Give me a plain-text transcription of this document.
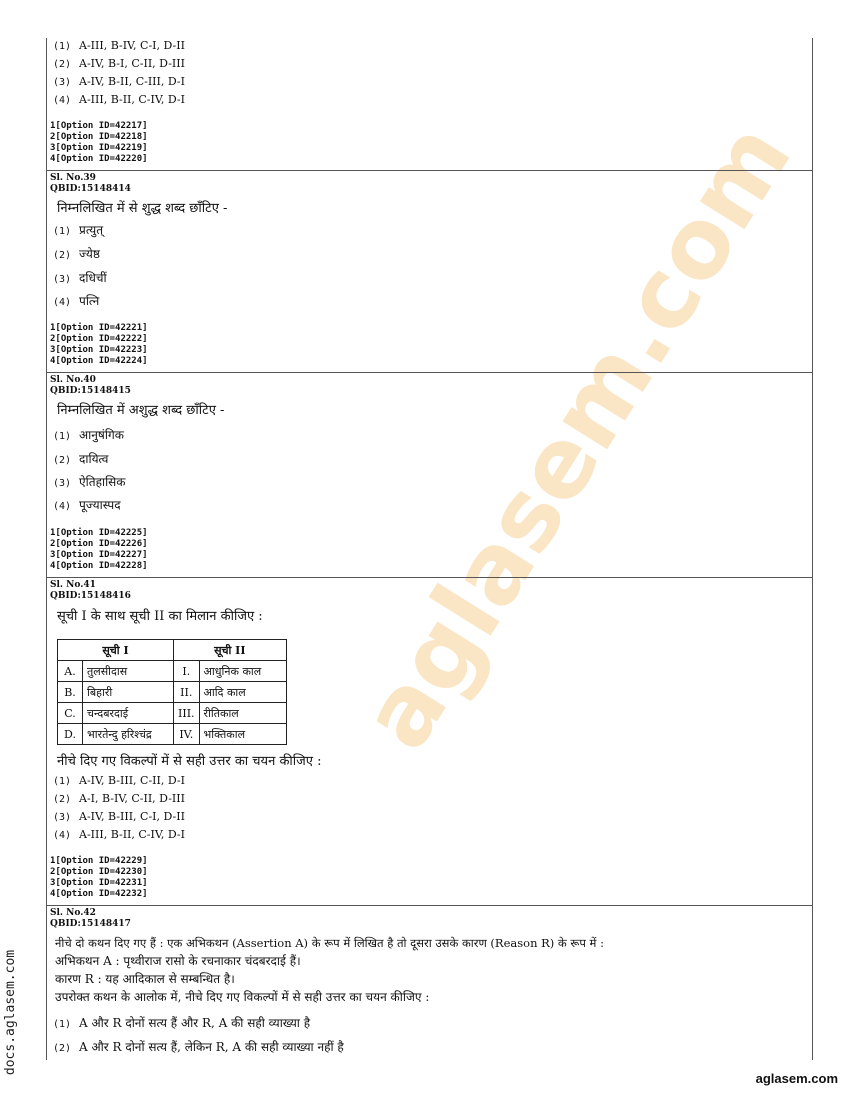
aglasem.com
(1) A-III, B-IV, C-I, D-II
(2) A-IV, B-I, C-II, D-III
(3) A-IV, B-II, C-III, D-I
(4) A-III, B-II, C-IV, D-I
1[Option ID=42217]
2[Option ID=42218]
3[Option ID=42219]
4[Option ID=42220]
Sl. No.39
QBID:15148414
निम्नलिखित में से शुद्ध शब्द छाँटिए -
(1) प्रत्युत्
(2) ज्येष्ठ
(3) दधिचीं
(4) पत्नि
1[Option ID=42221]
2[Option ID=42222]
3[Option ID=42223]
4[Option ID=42224]
Sl. No.40
QBID:15148415
निम्नलिखित में अशुद्ध शब्द छाँटिए -
(1) आनुषंगिक
(2) दायित्व
(3) ऐतिहासिक
(4) पूज्यास्पद
1[Option ID=42225]
2[Option ID=42226]
3[Option ID=42227]
4[Option ID=42228]
Sl. No.41
QBID:15148416
सूची I के साथ सूची II का मिलान कीजिए :
सूची I		सूची II	
A.	तुलसीदास	I.	आधुनिक काल
B.	बिहारी	II.	आदि काल
C.	चन्दबरदाई	III.	रीतिकाल
D.	भारतेन्दु हरिश्चंद्र	IV.	भक्तिकाल
नीचे दिए गए विकल्पों में से सही उत्तर का चयन कीजिए :
(1) A-IV, B-III, C-II, D-I
(2) A-I, B-IV, C-II, D-III
(3) A-IV, B-III, C-I, D-II
(4) A-III, B-II, C-IV, D-I
1[Option ID=42229]
2[Option ID=42230]
3[Option ID=42231]
4[Option ID=42232]
Sl. No.42
QBID:15148417
नीचे दो कथन दिए गए हैं : एक अभिकथन (Assertion A) के रूप में लिखित है तो दूसरा उसके कारण (Reason R) के रूप में :
अभिकथन A : पृथ्वीराज रासो के रचनाकार चंदबरदाई हैं।
कारण R : यह आदिकाल से सम्बन्धित है।
उपरोक्त कथन के आलोक में, नीचे दिए गए विकल्पों में से सही उत्तर का चयन कीजिए :
(1) A और R दोनों सत्य हैं और R, A की सही व्याख्या है
(2) A और R दोनों सत्य हैं, लेकिन R, A की सही व्याख्या नहीं है
docs.aglasem.com
aglasem.com
